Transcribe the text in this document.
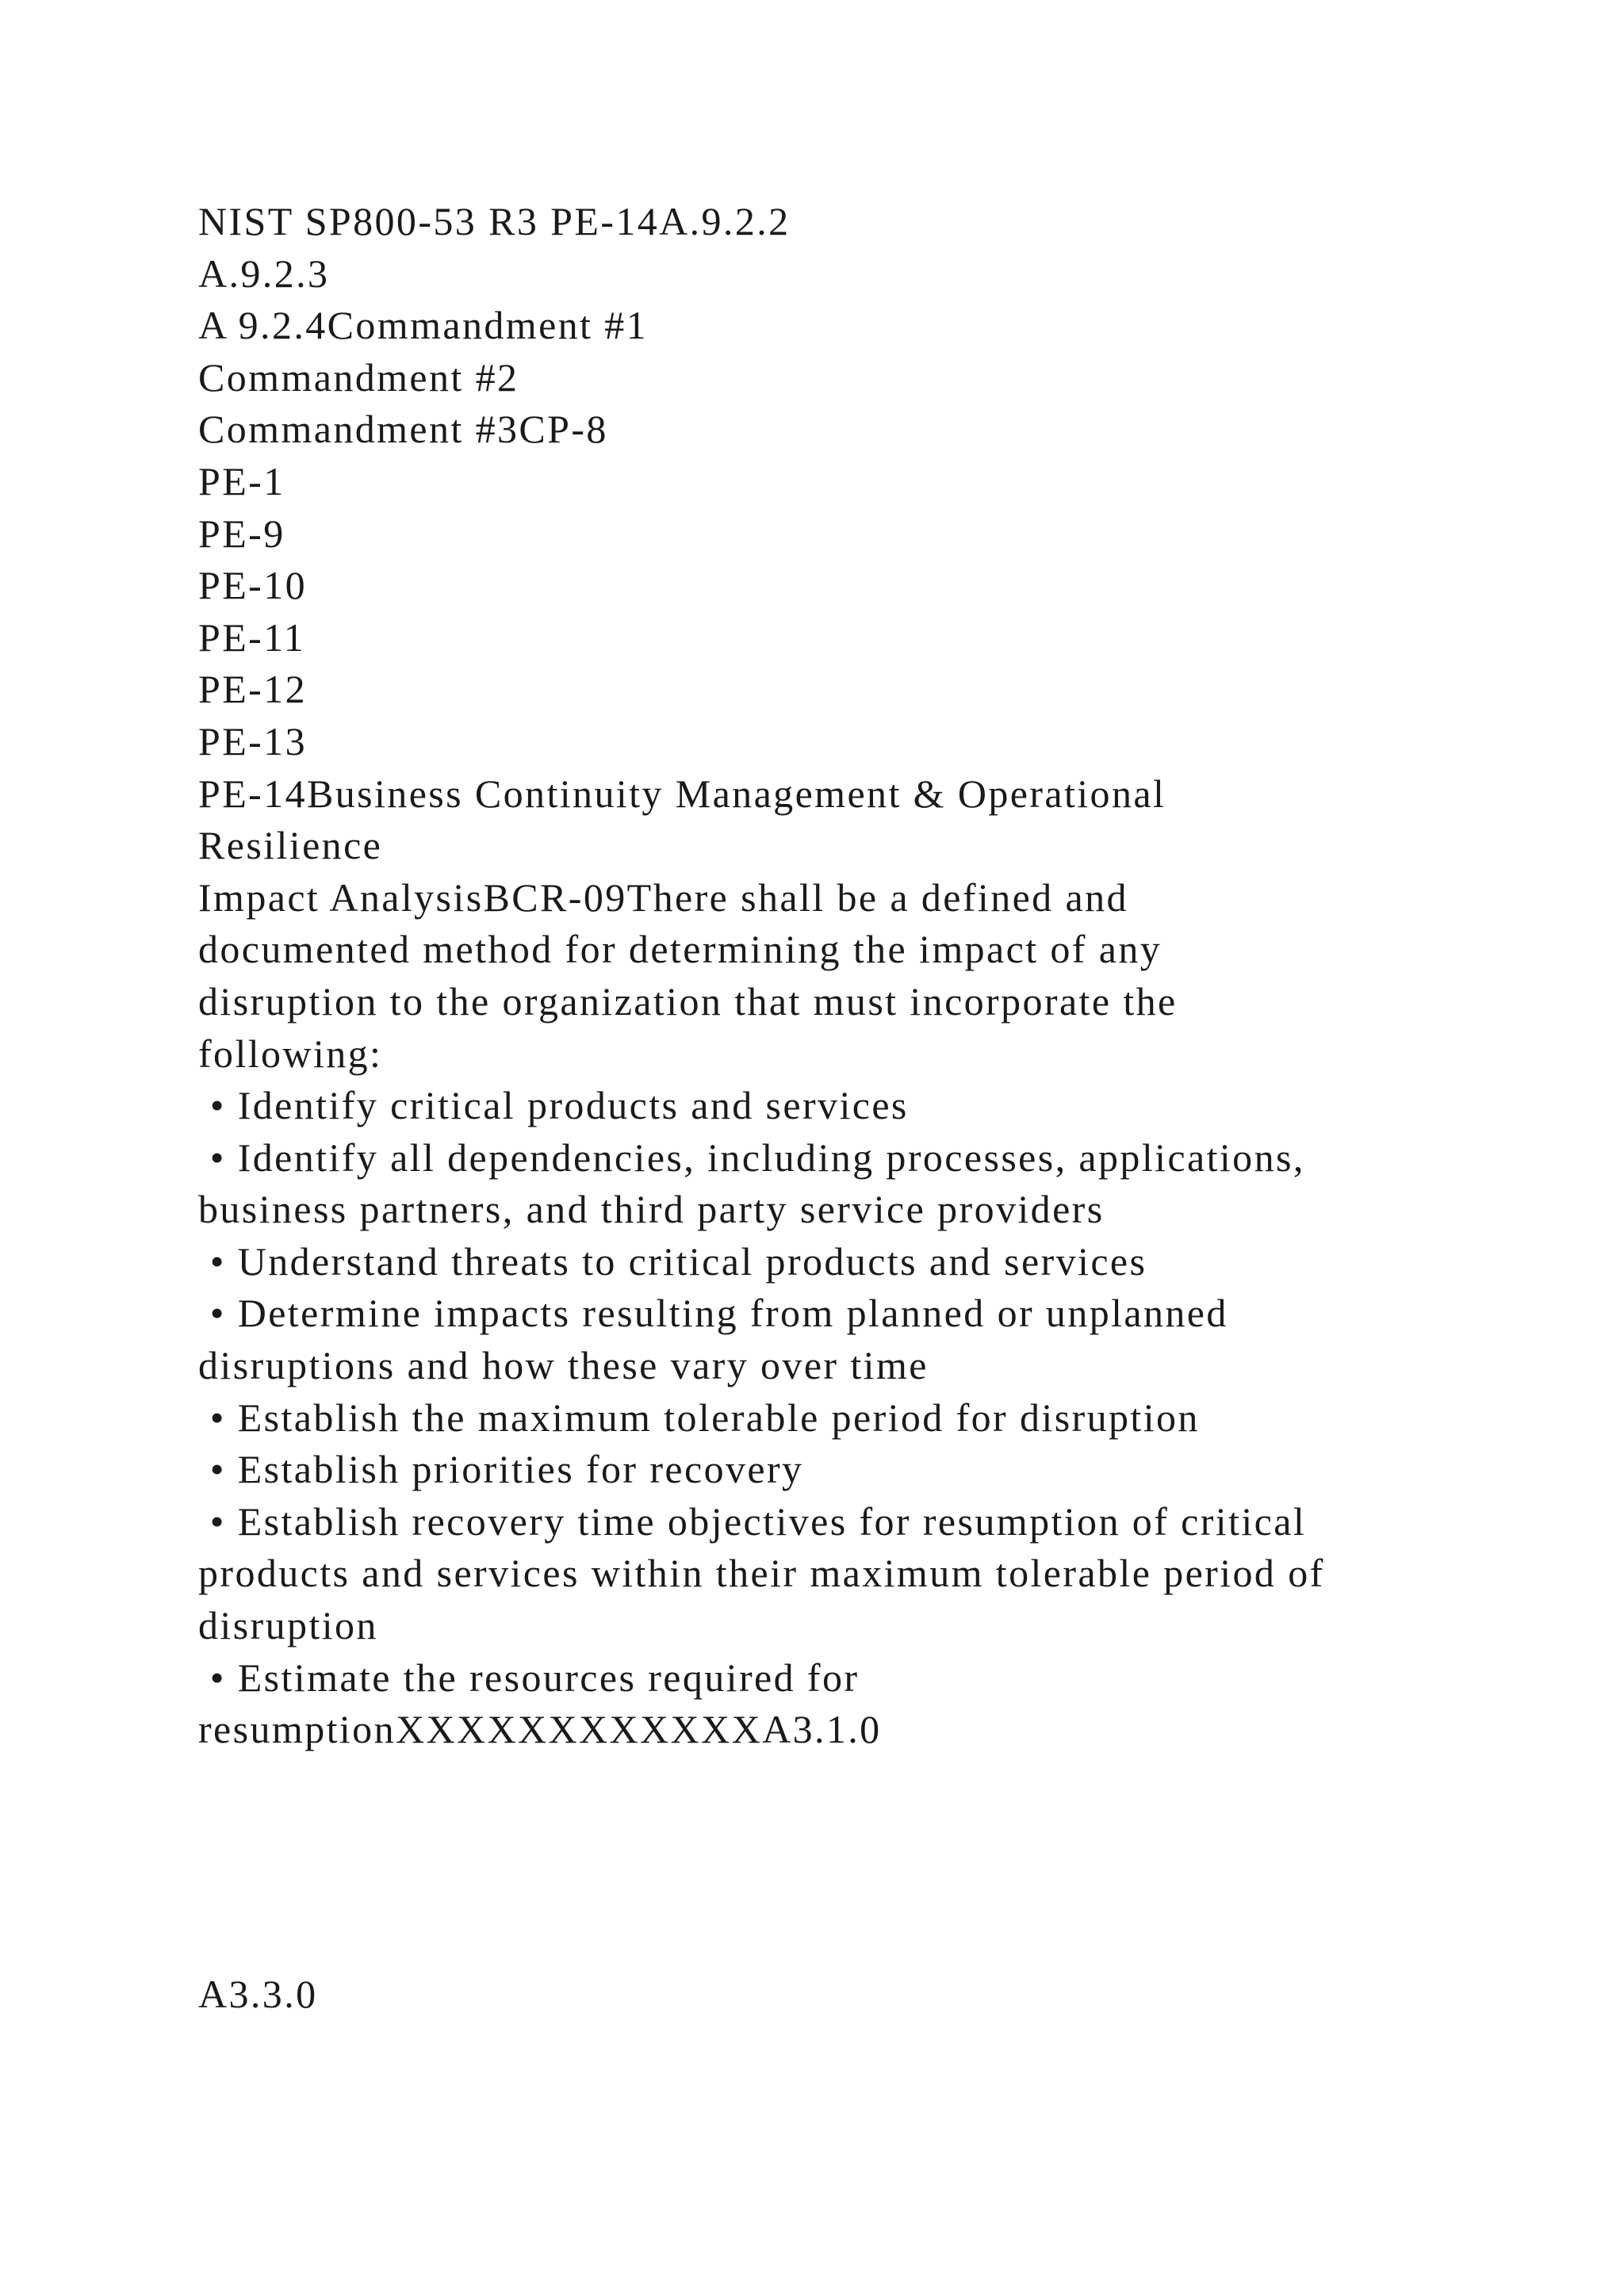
NIST SP800-53 R3 PE-14A.9.2.2
A.9.2.3
A 9.2.4Commandment #1
Commandment #2
Commandment #3CP-8
PE-1
PE-9
PE-10
PE-11
PE-12
PE-13
PE-14Business Continuity Management & Operational
Resilience
Impact AnalysisBCR-09There shall be a defined and
documented method for determining the impact of any
disruption to the organization that must incorporate the
following:
• Identify critical products and services
• Identify all dependencies, including processes, applications,
business partners, and third party service providers
• Understand threats to critical products and services
• Determine impacts resulting from planned or unplanned
disruptions and how these vary over time
• Establish the maximum tolerable period for disruption
• Establish priorities for recovery
• Establish recovery time objectives for resumption of critical
products and services within their maximum tolerable period of
disruption
• Estimate the resources required for
resumptionXXXXXXXXXXXXA3.1.0
A3.3.0
